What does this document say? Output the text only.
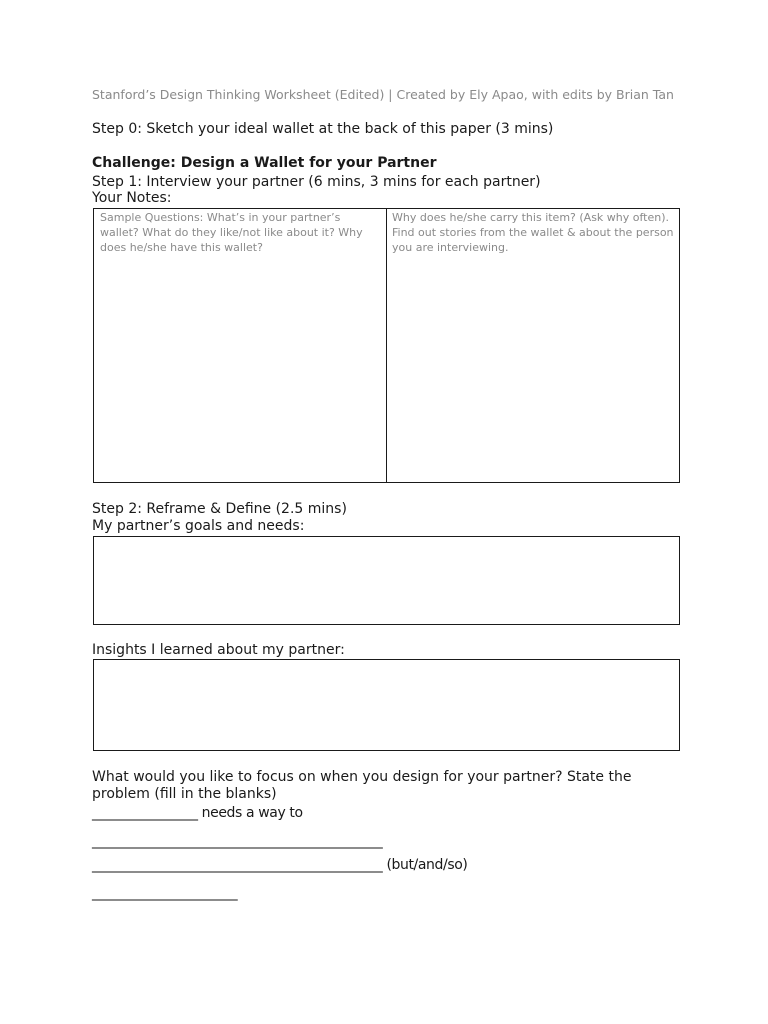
Stanford’s Design Thinking Worksheet (Edited) | Created by Ely Apao, with edits by Brian Tan
Step 0: Sketch your ideal wallet at the back of this paper (3 mins)
Challenge: Design a Wallet for your Partner
Step 1: Interview your partner (6 mins, 3 mins for each partner)
Your Notes:
Sample Questions: What’s in your partner’s wallet? What do they like/not like about it? Why does he/she have this wallet?
Why does he/she carry this item? (Ask why often). Find out stories from the wallet & about the person you are interviewing.
Step 2: Reframe & Define (2.5 mins)
My partner’s goals and needs:
Insights I learned about my partner:
What would you like to focus on when you design for your partner? State the
problem (fill in the blanks)
________________ needs a way to
____________________________________________
____________________________________________ (but/and/so)
______________________
